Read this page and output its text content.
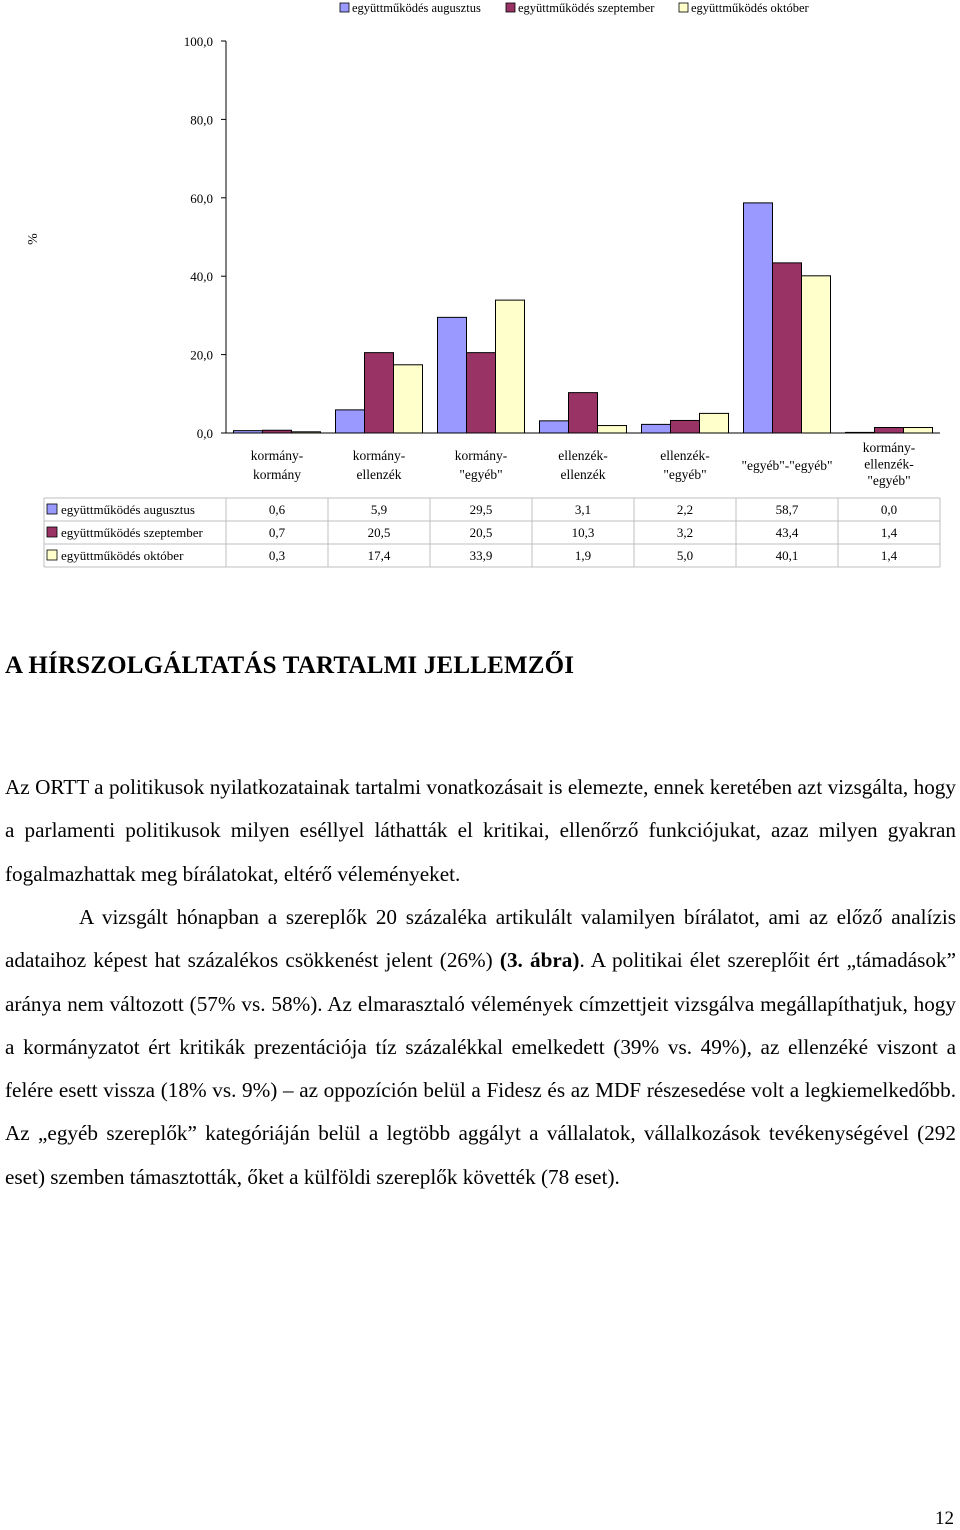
együttműködés augusztus	együttműködés szeptember	együttműködés október
%
0,0
20,0
40,0
60,0
80,0
100,0
kormány-
kormány
kormány-
ellenzék
kormány-
"egyéb"
ellenzék-
ellenzék
ellenzék-
"egyéb"
"egyéb"-"egyéb"
kormány-
ellenzék-
"egyéb"
együttműködés augusztus	0,6	5,9	29,5	3,1	2,2	58,7	0,0
együttműködés szeptember	0,7	20,5	20,5	10,3	3,2	43,4	1,4
együttműködés október	0,3	17,4	33,9	1,9	5,0	40,1	1,4
A HÍRSZOLGÁLTATÁS TARTALMI JELLEMZŐI

Az ORTT a politikusok nyilatkozatainak tartalmi vonatkozásait is elemezte, ennek keretében azt vizsgálta, hogy a parlamenti politikusok milyen eséllyel láthatták el kritikai, ellenőrző funkciójukat, azaz milyen gyakran fogalmazhattak meg bírálatokat, eltérő véleményeket.

A vizsgált hónapban a szereplők 20 százaléka artikulált valamilyen bírálatot, ami az előző analízis adataihoz képest hat százalékos csökkenést jelent (26%) (3. ábra). A politikai élet szereplőit ért „támadások” aránya nem változott (57% vs. 58%). Az elmarasztaló vélemények címzettjeit vizsgálva megállapíthatjuk, hogy a kormányzatot ért kritikák prezentációja tíz százalékkal emelkedett (39% vs. 49%), az ellenzéké viszont a felére esett vissza (18% vs. 9%) – az oppozíción belül a Fidesz és az MDF részesedése volt a legkiemelkedőbb. Az „egyéb szereplők” kategóriáján belül a legtöbb aggályt a vállalatok, vállalkozások tevékenységével (292 eset) szemben támasztották, őket a külföldi szereplők követték (78 eset).

12
